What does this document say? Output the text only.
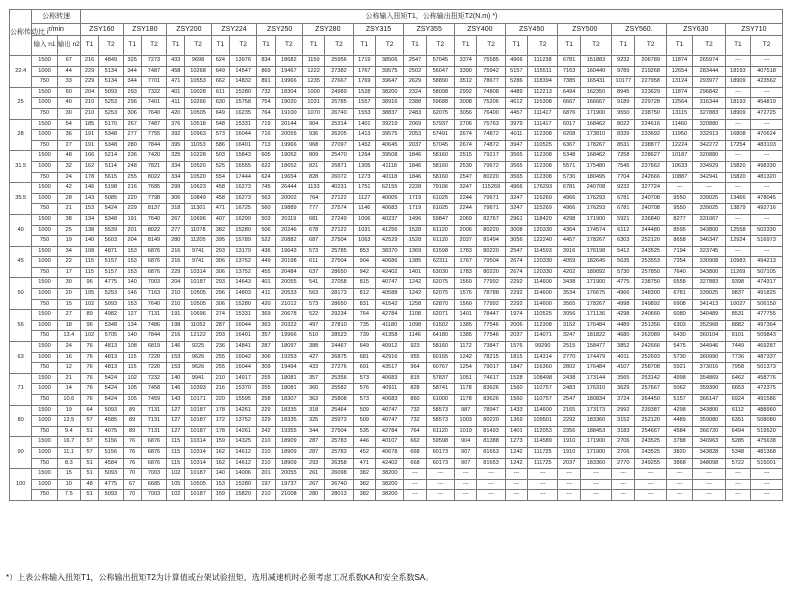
公称传动比 i	公称转速		公称输入扭矩T1，公称输出扭矩T2(N.m) *)																											
	r/min		ZSY160		ZSY180		ZSY200		ZSY224		ZSY250		ZSY280		ZSY315		ZSY355		ZSY400		ZSY450		ZSY500		ZSY560.		ZSY630		ZSY710	
	输入 n1	输出 n2	T1	T2	T1	T2	T1	T2	T1	T2	T1	T2	T1	T2	T1	T2	T1	T2	T1	T2	T1	T2	T1	T2	T1	T2	T1	T2	T1	T2
22.4	1500	67	216	4849	325	7273	433	9698	624	13976	834	18682	1159	25956	1719	38506	2547	57045	3374	75585	4966	111238	6781	151883	9232	206789	11874	265974	---	---
	1000	44	229	5134	344	7487	458	10268	649	14547	869	19467	1222	27382	1767	39575	2502	56047	3390	75942	5157	115511	7163	160440	9789	219268	12654	283444	18193	407518
	750	33	229	5134	344	7701	471	10553	662	14832	891	19966	1235	27667	1769	39647	2629	58890	3512	78677	5286	118394	7385	165431	10177	227958	13124	293977	18909	423562
25	1500	60	204	5093	293	7322	401	10028	611	15280	732	18304	1000	24989	1528	38200	2324	58098	2992	74808	4489	112213	6494	162350	8945	223629	11874	296842	---	---
	1000	40	210	5253	296	7401	411	10266	630	15758	754	19020	1031	25785	1557	38916	2388	59688	3008	75206	4612	115308	6667	166667	9189	229728	12564	316344	18193	454819
	750	30	210	5253	306	7640	420	10505	649	16235	764	19100	1070	26740	1553	38837	2483	62075	3056	76400	4457	111417	6876	171900	9550	238750	13115	327883	18909	472725
28	1500	54	185	5170	267	7487	376	10518	548	15331	719	20144	904	25314	1401	39219	2069	57937	2706	75763	3979	111417	6017	168462	8022	224616	11460	320880	---	---
	1000	36	191	5348	277	7755	392	10963	573	16044	716	20055	936	26205	1413	39575	2053	57491	2674	74872	4011	112308	6208	173810	8339	233692	11950	332913	16808	470624
	750	27	191	5348	280	7844	395	11053	586	16401	713	19966	968	27097	1452	40645	2037	57045	2674	74872	3947	110525	6367	178267	8531	238877	12224	342272	17254	483103
31.5	1500	48	166	5214	236	7420	325	10228	503	15843	605	19052	809	25470	1264	39508	1846	58160	2515	79217	3565	112308	5348	168462	7258	228627	10187	320880	---	---
	1000	32	162	5114	248	7821	334	10520	525	16555	622	18652	821	25871	1305	41118	1846	58160	2530	79672	3565	112308	5571	175480	7545	237662	10633	334929	15820	498330
	750	24	178	5615	255	8022	334	10520	554	17444	624	19654	828	26072	1273	40118	1846	58160	2547	80220	3565	112308	5730	180495	7704	242666	10887	342941	15820	481320
35.5	1500	42	146	5198	216	7685	299	10623	458	16273	745	26444	1133	40231	1751	62155	2228	79106	3247	115269	4966	176293	6781	240708	9232	327724	---	---	---	---
	1000	28	143	5085	220	7798	306	10849	458	16273	563	20002	764	27122	1127	40005	1719	61025	2244	79671	3247	115269	4966	176293	6781	240708	9550	339025	13466	478045
	750	21	153	5424	229	8137	318	11301	471	16725	560	19889	777	27574	1146	40683	1719	61025	2244	79671	3247	115269	4966	176293	6781	240708	9550	339025	13879	492716
40	1500	38	134	5348	191	7640	267	10696	407	16299	503	20119	681	27249	1006	40237	1496	59847	2069	82767	2961	118420	4298	171900	5921	236840	8277	331067	---	---
	1000	25	138	5539	201	8022	277	11078	382	15280	506	20246	678	27122	1031	41256	1528	61120	2006	80220	3008	120330	4364	174574	6112	244480	8595	343800	12558	502330
	750	19	140	5603	204	8149	280	11205	395	15789	522	20882	687	27504	1063	42529	1528	61120	2037	81494	3056	122240	4457	178267	6303	252120	8658	346347	12924	516973
45	1500	34	108	4871	153	6876	216	9741	293	13179	436	19643	573	25785	853	38370	1369	61598	1783	80220	2547	114593	3916	176198	5412	243525	7194	323745	---	---
	1000	22	115	5157	153	6876	216	9741	306	13752	449	20198	611	27504	904	40686	1385	62311	1767	79504	2674	120330	4059	182645	5635	253553	7354	330908	10983	494213
	750	17	115	5157	153	6876	229	10314	306	13752	455	20484	637	28650	942	42402	1401	63030	1783	80220	2674	120330	4202	189092	5730	257850	7640	343800	11269	507105
50	1500	30	96	4775	140	7003	204	10187	293	14643	401	20055	541	27058	815	40747	1242	62075	1560	77992	2292	114600	3438	171900	4775	238750	6558	327883	9398	474317
	1000	20	105	5253	146	7163	210	10505	296	14803	411	20533	563	28173	812	40588	1242	62075	1576	78788	2292	114600	3534	176675	4966	248300	6781	339025	9837	491825
	750	15	102	5093	153	7640	210	10505	306	15280	420	21012	573	28650	831	41542	1258	62870	1560	77992	2292	114600	3565	178267	4998	249892	6908	341413	10027	506150
56	1500	27	89	4982	127	7131	191	10696	274	15331	369	20678	522	29234	764	42784	1108	62071	1401	78447	1974	110525	3056	171136	4298	240660	6080	340489	8531	477755
	1000	18	96	5348	134	7486	198	11052	287	16044	363	20322	497	27810	735	41180	1098	61502	1385	77546	2006	112308	3152	176484	4489	251356	6303	352968	8882	497364
	750	13.4	102	5705	140	7844	216	12122	293	16401	357	19966	510	28523	739	41358	1146	64180	1385	77546	2037	114071	3247	181822	4680	262089	6430	360104	9101	509843
63	1500	24	76	4813	108	6819	146	9225	236	14841	287	18097	388	24467	649	40912	923	58160	1172	73847	1576	99290	2515	158477	3852	242666	5475	344946	7449	469287
	1000	16	76	4813	115	7220	153	9626	255	16042	306	19253	427	26875	681	42916	955	60165	1242	78215	1815	114314	2770	174479	4011	252693	5730	360990	7736	487337
	750	12	76	4813	115	7220	153	9626	255	16044	309	19494	433	27276	691	43517	964	60767	1254	79017	1847	116360	2802	176484	4107	258708	5921	373016	7958	501373
71	1500	21	76	5424	102	7232	140	9941	210	14917	255	18081	357	25356	573	40683	815	57837	1051	74617	1528	108498	2438	173144	3565	253142	4998	354869	6462	458776
	1000	14	76	5424	105	7458	146	10393	216	15370	255	18081	360	25582	576	40911	828	58741	1178	83626	1560	110757	2483	176310	3629	257667	5062	359390	6653	472375
	750	10.6	76	5424	105	7459	143	10171	220	15595	258	18307	363	25808	573	40683	860	61000	1178	83626	1560	110757	2547	180834	3724	264450	5157	366147	6924	491586
80	1500	19	64	5093	89	7131	127	10187	178	14261	229	18335	318	25464	509	40747	732	58573	987	78947	1433	114600	2165	173173	2992	239387	4298	343800	6112	488960
	1000	12.5	57	4585	89	7131	127	10187	172	13752	229	18335	325	25973	509	40747	732	58573	1003	80220	1369	109501	2292	183360	3152	252120	4489	359080	6351	508080
	750	9.4	51	4075	89	7131	127	10187	178	14261	242	19355	344	27504	535	42784	764	61120	1019	81493	1401	112053	2356	188453	3183	254667	4584	366720	6494	519520
90	1500	16.7	57	5156	76	6876	115	10314	159	14325	210	18909	287	25783	446	40107	662	59598	904	81388	1273	114589	1910	171900	2706	243525	3788	340963	5285	475638
	1000	11.1	57	5156	76	6876	115	10314	162	14612	210	18909	287	25783	452	40678	668	60173	907	81653	1242	111725	1910	171900	2706	243525	3820	343828	5348	481368
	750	8.3	51	4584	76	6876	115	10314	162	14612	210	18909	293	26358	471	42402	668	60173	907	81653	1242	111725	2037	183360	2770	249255	3868	348098	5722	515001
100	1500	15	51	5093	70	7003	102	10187	140	14006	201	20055	261	26098	382	38200	---	---	---	---	---	---	---	---	---	---	---	---	---	---
	1000	10	48	4775	67	6685	105	10505	153	15280	197	19737	267	26740	382	38200	---	---	---	---	---	---	---	---	---	---	---	---	---	---
	750	7.5	51	5093	70	7003	102	10187	159	15820	210	21008	280	28013	382	38200	---	---	---	---	---	---	---	---	---	---	---	---	---	---
*）上表公称输入扭矩T1，公称输出扭矩T2为计算值或台架试验扭矩，选用减速机时必须考虑工况系数KA和安全系数SA。
